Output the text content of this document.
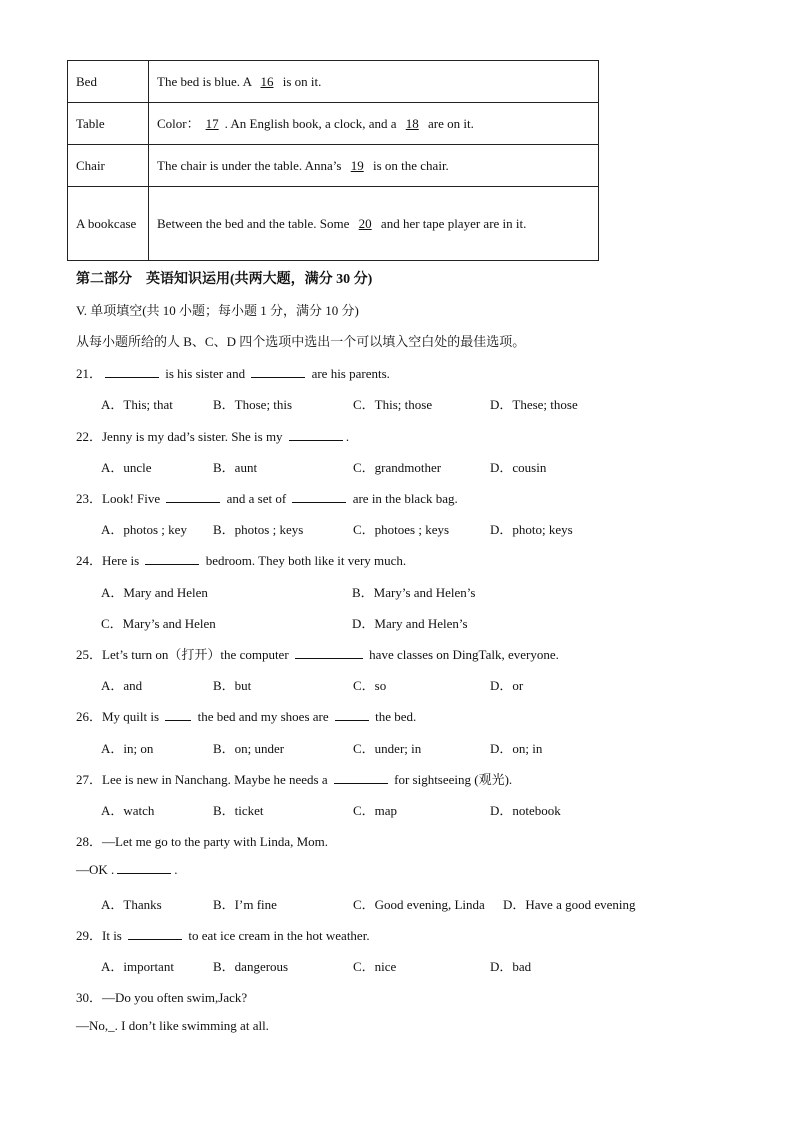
Bed	The bed is blue. A 16 is on it.
Table	Color： 17 . An English book, a clock, and a 18 are on it.
Chair	The chair is under the table. Anna’s 19 is on the chair.
A bookcase	Between the bed and the table. Some 20 and her tape player are in it.
第二部分　英语知识运用(共两大题，满分 30 分)
V. 单项填空(共 10 小题；每小题 1 分，满分 10 分)
从每小题所给的人 B、C、D 四个选项中选出一个可以填入空白处的最佳选项。
21．	is his sister and	are his parents.
A．This; that	B．Those; this	C．This; those	D．These; those
22．Jenny is my dad’s sister. She is my	.
A．uncle	B．aunt	C．grandmother	D．cousin
23．Look! Five	and a set of	are in the black bag.
A．photos ; key B．photos ; keys	C．photoes ; keys	D．photo; keys
24．Here is	bedroom. They both like it very much.
A．Mary and Helen	B．Mary’s and Helen’s
C．Mary’s and Helen	D．Mary and Helen’s
25．Let’s turn on（打开）the computer	have classes on DingTalk, everyone.
A．and	B．but	C．so	D．or
26．My quilt is  the bed and my shoes are	the bed.
A．in; on	B．on; under	C．under; in	D．on; in
27．Lee is new in Nanchang. Maybe he needs a	for sightseeing (观光).
A．watch	B．ticket	C．map	D．notebook
28．—Let me go to the party with Linda, Mom.
—OK .	.
A．Thanks	B．I’m fine	C．Good evening, Linda D．Have a good evening
29．It is	to eat ice cream in the hot weather.
A．important	B．dangerous	C．nice	D．bad
30．—Do you often swim,Jack?
—No,_. I don’t like swimming at all.
